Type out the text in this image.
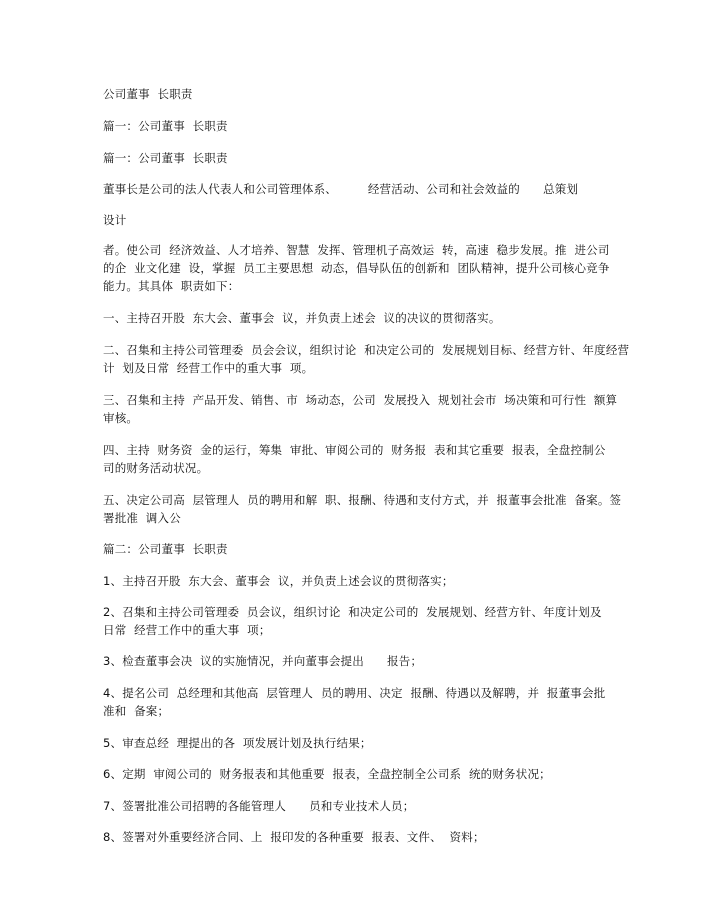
公司董事  长职责
篇一：公司董事  长职责
篇一：公司董事  长职责
董事长是公司的法人代表人和公司管理体系、        经营活动、公司和社会效益的      总策划
设计
者。使公司  经济效益、人才培养、智慧  发挥、管理机子高效运  转，高速  稳步发展。推  进公司
的企  业文化建  设，掌握  员工主要思想  动态，倡导队伍的创新和  团队精神，提升公司核心竞争
能力。其具体  职责如下：
一、主持召开股  东大会、董事会  议，并负责上述会  议的决议的贯彻落实。
二、召集和主持公司管理委  员会会议，组织讨论  和决定公司的  发展规划目标、经营方针、年度经营
计  划及日常  经营工作中的重大事  项。
三、召集和主持  产品开发、销售、市  场动态，公司  发展投入  规划社会市  场决策和可行性  额算
审核。
四、主持  财务资  金的运行，筹集  审批、审阅公司的  财务报  表和其它重要  报表，全盘控制公
司的财务活动状况。
五、决定公司高  层管理人  员的聘用和解  职、报酬、待遇和支付方式，并  报董事会批准  备案。签
署批准  调入公
篇二：公司董事  长职责
1、主持召开股  东大会、董事会  议，并负责上述会议的贯彻落实；
2、召集和主持公司管理委  员会议，组织讨论  和决定公司的  发展规划、经营方针、年度计划及
日常  经营工作中的重大事  项；
3、检查董事会决  议的实施情况，并向董事会提出      报告；
4、提名公司  总经理和其他高  层管理人  员的聘用、决定  报酬、待遇以及解聘，并  报董事会批
准和  备案；
5、审查总经  理提出的各  项发展计划及执行结果；
6、定期  审阅公司的  财务报表和其他重要  报表，全盘控制全公司系  统的财务状况；
7、签署批准公司招聘的各能管理人      员和专业技术人员；
8、签署对外重要经济合同、上  报印发的各种重要  报表、文件、  资料；
